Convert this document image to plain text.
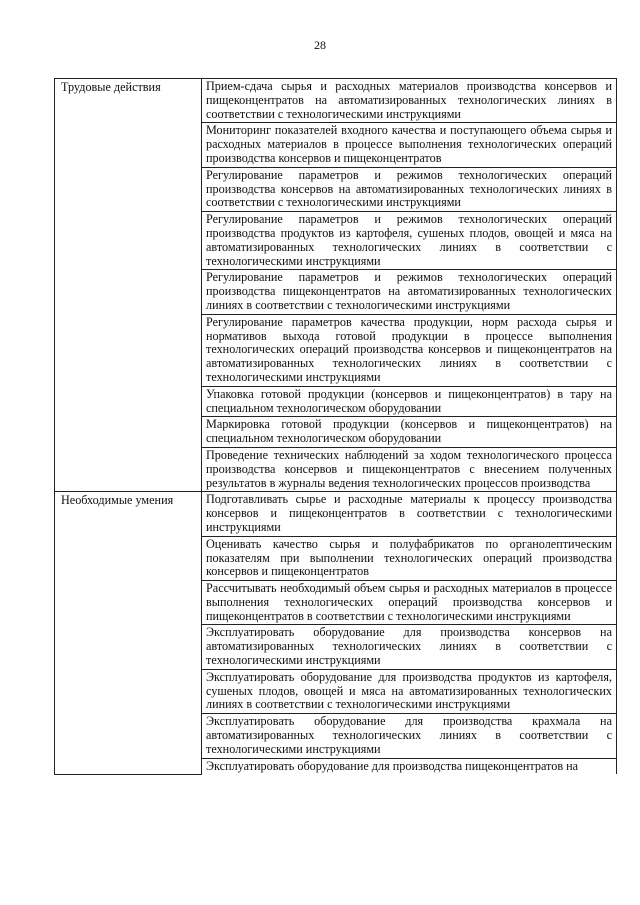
28
Трудовые действия	Прием-сдача сырья и расходных материалов производства консервов и пищеконцентратов на автоматизированных технологических линиях в соответствии с технологическими инструкциями
	Мониторинг показателей входного качества и поступающего объема сырья и расходных материалов в процессе выполнения технологических операций производства консервов и пищеконцентратов
	Регулирование параметров и режимов технологических операций производства консервов на автоматизированных технологических линиях в соответствии с технологическими инструкциями
	Регулирование параметров и режимов технологических операций производства продуктов из картофеля, сушеных плодов, овощей и мяса на автоматизированных технологических линиях в соответствии с технологическими инструкциями
	Регулирование параметров и режимов технологических операций производства пищеконцентратов на автоматизированных технологических линиях в соответствии с технологическими инструкциями
	Регулирование параметров качества продукции, норм расхода сырья и нормативов выхода готовой продукции в процессе выполнения технологических операций производства консервов и пищеконцентратов на автоматизированных технологических линиях в соответствии с технологическими инструкциями
	Упаковка готовой продукции (консервов и пищеконцентратов) в тару на специальном технологическом оборудовании
	Маркировка готовой продукции (консервов и пищеконцентратов) на специальном технологическом оборудовании
	Проведение технических наблюдений за ходом технологического процесса производства консервов и пищеконцентратов с внесением полученных результатов в журналы ведения технологических процессов производства
Необходимые умения	Подготавливать сырье и расходные материалы к процессу производства консервов и пищеконцентратов в соответствии с технологическими инструкциями
	Оценивать качество сырья и полуфабрикатов по органолептическим показателям при выполнении технологических операций производства консервов и пищеконцентратов
	Рассчитывать необходимый объем сырья и расходных материалов в процессе выполнения технологических операций производства консервов и пищеконцентратов в соответствии с технологическими инструкциями
	Эксплуатировать оборудование для производства консервов на автоматизированных технологических линиях в соответствии с технологическими инструкциями
	Эксплуатировать оборудование для производства продуктов из картофеля, сушеных плодов, овощей и мяса на автоматизированных технологических линиях в соответствии с технологическими инструкциями
	Эксплуатировать оборудование для производства крахмала на автоматизированных технологических линиях в соответствии с технологическими инструкциями
	Эксплуатировать оборудование для производства пищеконцентратов на
